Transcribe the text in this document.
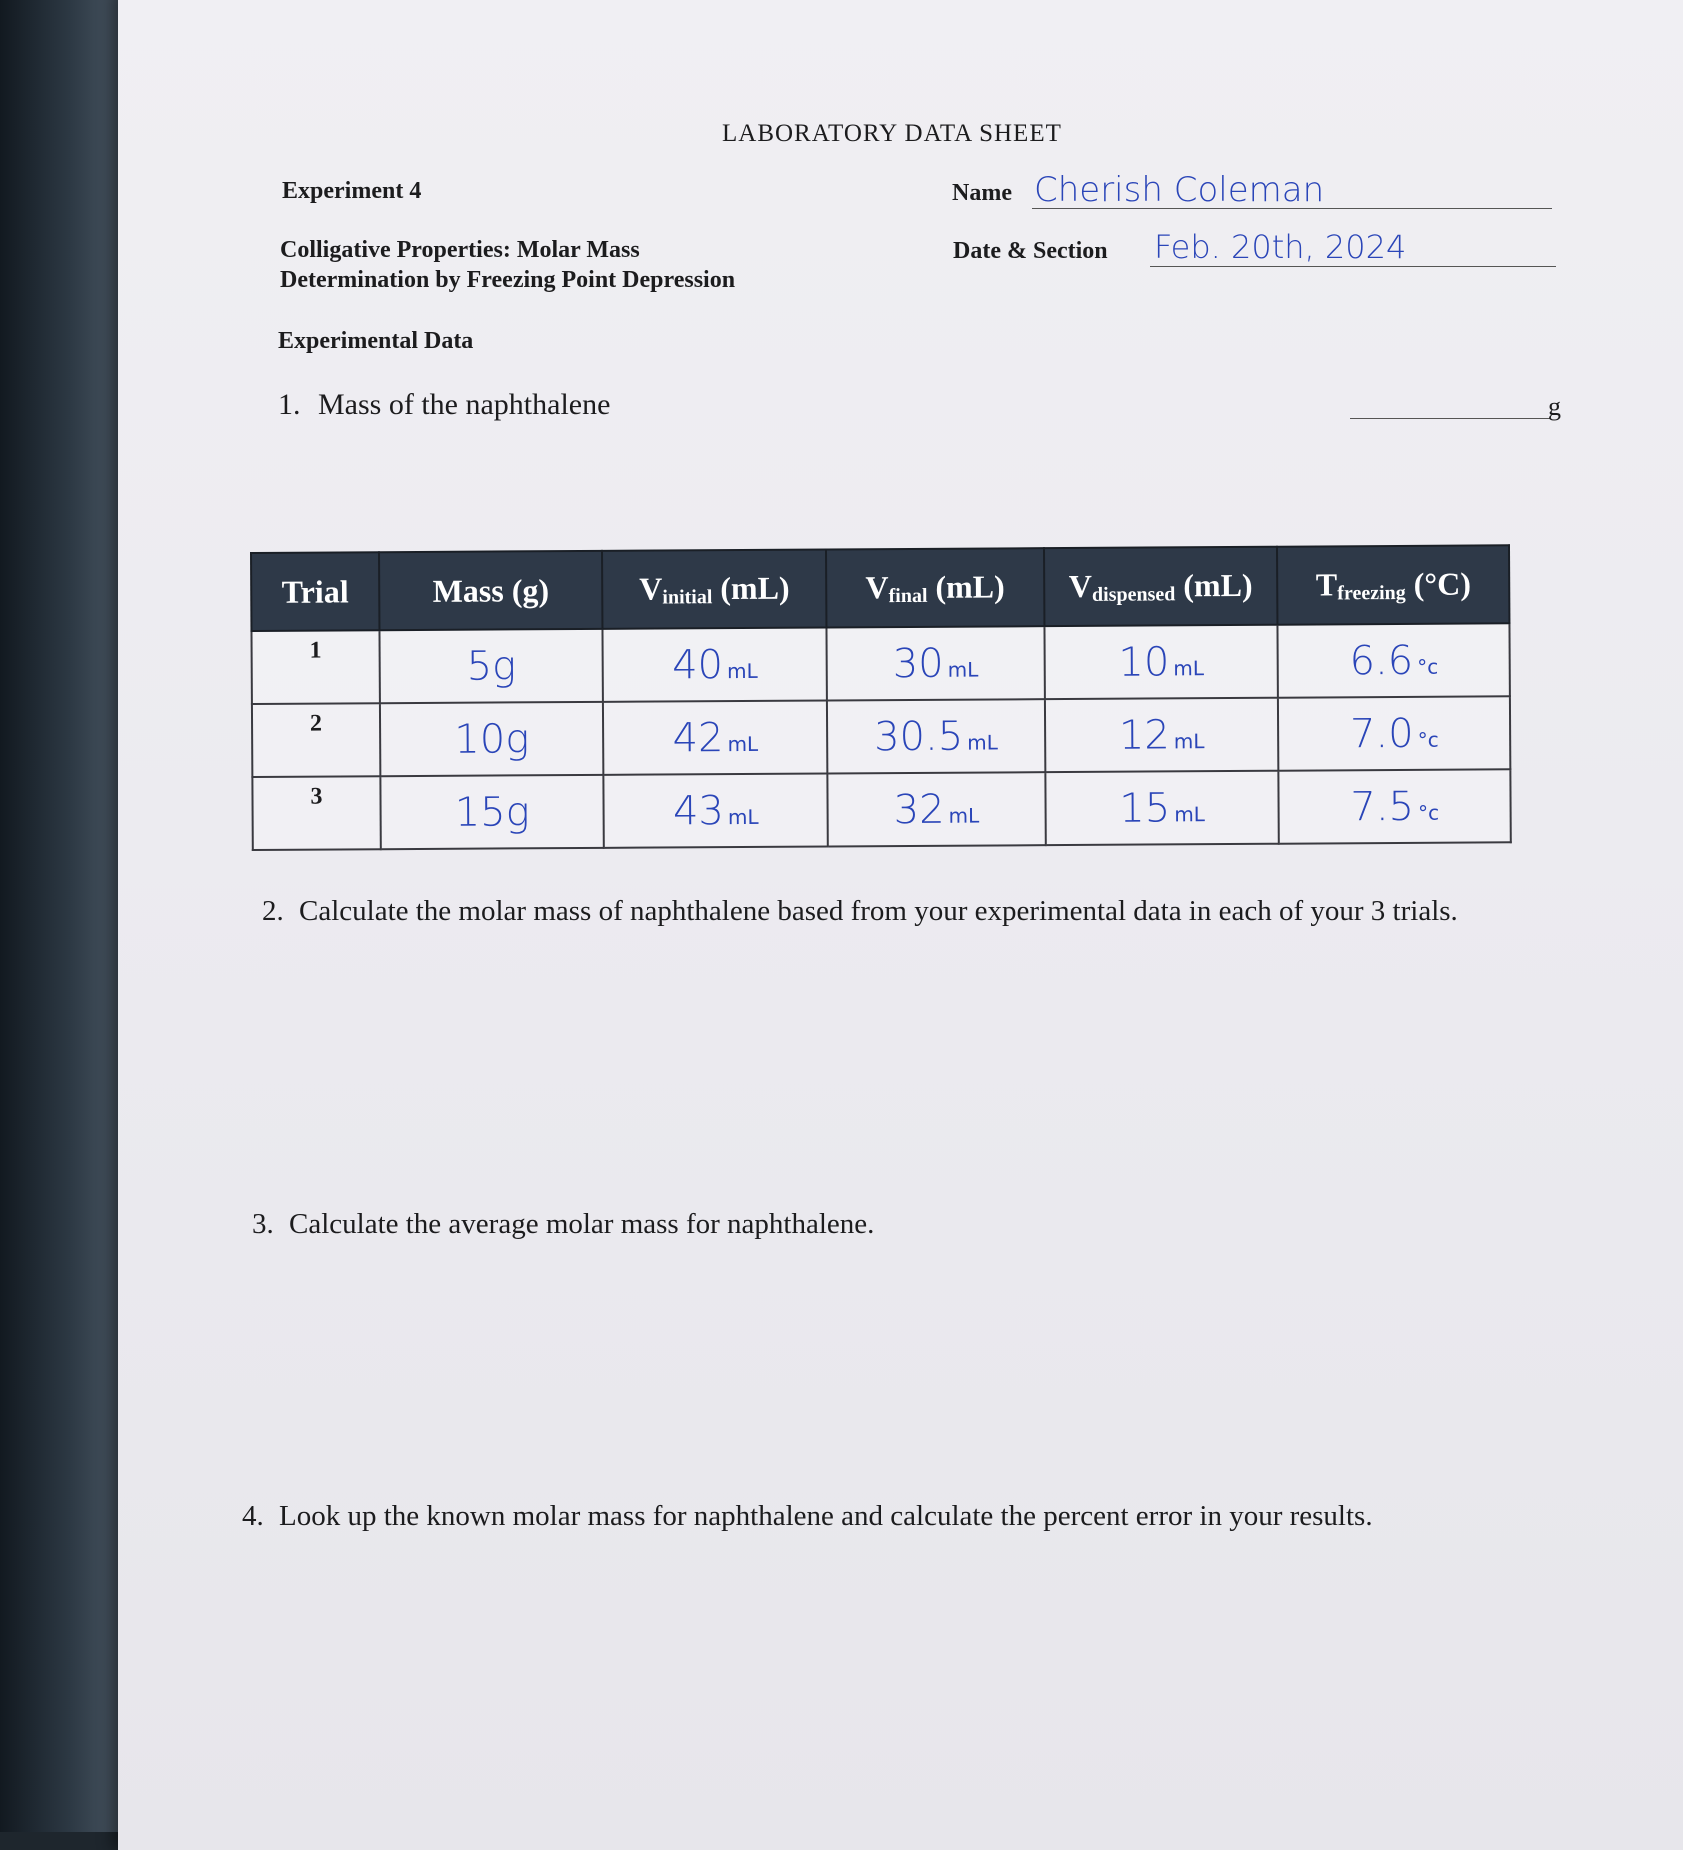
LABORATORY DATA SHEET
Experiment 4
Colligative Properties: Molar Mass
Determination by Freezing Point Depression
Name Cherish Coleman
Date & Section Feb. 20th, 2024
Experimental Data
1. Mass of the naphthalene	g
Trial	Mass (g)	$V_{initial}$ (mL)	$V_{final}$ (mL)	$V_{dispensed}$ (mL)	$T_{freezing}$ (°C)
1	5g	40 mL	30 mL	10 mL	6.6 °c
2	10g	42 mL	30.5 mL	12 mL	7.0 °c
3	15g	43 mL	32 mL	15 mL	7.5 °c
2. Calculate the molar mass of naphthalene based from your experimental data in each of your 3 trials.
3. Calculate the average molar mass for naphthalene.
4. Look up the known molar mass for naphthalene and calculate the percent error in your results.
